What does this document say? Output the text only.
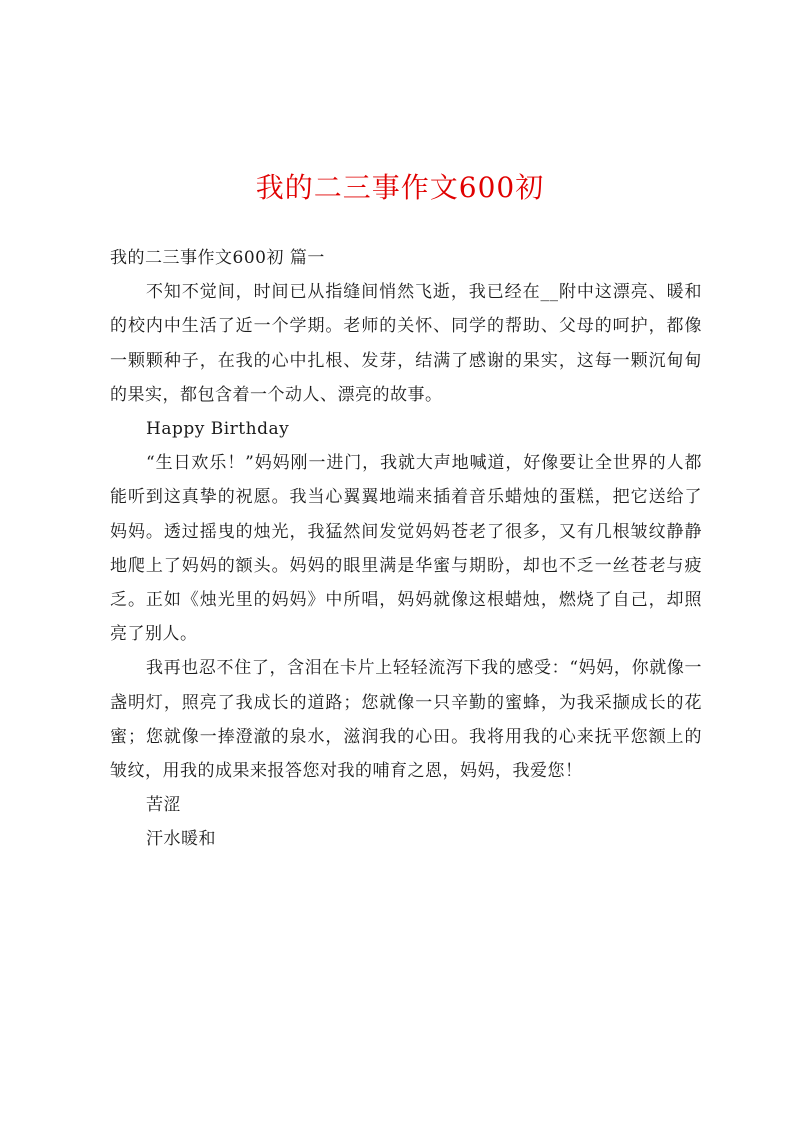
我的二三事作文600初

我的二三事作文600初 篇一

不知不觉间，时间已从指缝间悄然飞逝，我已经在__附中这漂亮、暖和的校内中生活了近一个学期。老师的关怀、同学的帮助、父母的呵护，都像一颗颗种子，在我的心中扎根、发芽，结满了感谢的果实，这每一颗沉甸甸的果实，都包含着一个动人、漂亮的故事。

Happy Birthday

“生日欢乐！”妈妈刚一进门，我就大声地喊道，好像要让全世界的人都能听到这真挚的祝愿。我当心翼翼地端来插着音乐蜡烛的蛋糕，把它送给了妈妈。透过摇曳的烛光，我猛然间发觉妈妈苍老了很多，又有几根皱纹静静地爬上了妈妈的额头。妈妈的眼里满是华蜜与期盼，却也不乏一丝苍老与疲乏。正如《烛光里的妈妈》中所唱，妈妈就像这根蜡烛，燃烧了自己，却照亮了别人。

我再也忍不住了，含泪在卡片上轻轻流泻下我的感受：“妈妈，你就像一盏明灯，照亮了我成长的道路；您就像一只辛勤的蜜蜂，为我采撷成长的花蜜；您就像一捧澄澈的泉水，滋润我的心田。我将用我的心来抚平您额上的皱纹，用我的成果来报答您对我的哺育之恩，妈妈，我爱您！

苦涩

汗水暖和
